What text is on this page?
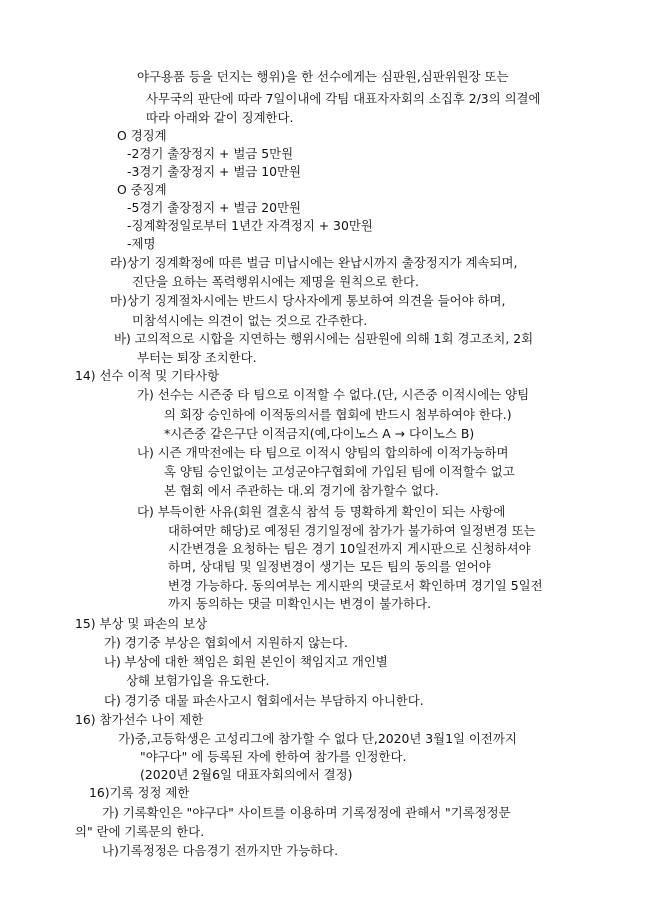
야구용품 등을 던지는 행위)을 한 선수에게는 심판원,심판위원장 또는
사무국의 판단에 따라 7일이내에 각팀 대표자자회의 소집후 2/3의 의결에
따라 아래와 같이 징계한다.
O 경징계
-2경기 출장정지 + 벌금 5만원
-3경기 출장정지 + 벌금 10만원
O 중징계
-5경기 출장정지 + 벌금 20만원
-징계확정일로부터 1년간 자격정지 + 30만원
-제명
라)상기 징계확정에 따른 벌금 미납시에는 완납시까지 출장정지가 계속되며,
진단을 요하는 폭력행위시에는 제명을 원칙으로 한다.
마)상기 징계절차시에는 반드시 당사자에게 통보하여 의견을 들어야 하며,
미참석시에는 의견이 없는 것으로 간주한다.
바) 고의적으로 시합을 지연하는 행위시에는 심판원에 의해 1회 경고조치, 2회
부터는 퇴장 조치한다.
14) 선수 이적 및 기타사항
가) 선수는 시즌중 타 팀으로 이적할 수 없다.(단, 시즌중 이적시에는 양팀
의 회장 승인하에 이적동의서를 협회에 반드시 첨부하여야 한다.)
*시즌중 같은구단 이적금지(예,다이노스 A → 다이노스 B)
나) 시즌 개막전에는 타 팀으로 이적시 양팀의 합의하에 이적가능하며
혹 양팀 승인없이는 고성군야구협회에 가입된 팀에 이적할수 없고
본 협회 에서 주관하는 대.외 경기에 참가할수 없다.
다) 부득이한 사유(회원 결혼식 참석 등 명확하게 확인이 되는 사항에
대하여만 해당)로 예정된 경기일정에 참가가 불가하여 일정변경 또는
시간변경을 요청하는 팀은 경기 10일전까지 게시판으로 신청하셔야
하며, 상대팀 및 일정변경이 생기는 모든 팀의 동의를 얻어야
변경 가능하다. 동의여부는 게시판의 댓글로서 확인하며 경기일 5일전
까지 동의하는 댓글 미확인시는 변경이 불가하다.
15) 부상 및 파손의 보상
가) 경기중 부상은 협회에서 지원하지 않는다.
나) 부상에 대한 책임은 회원 본인이 책임지고 개인별
상해 보험가입을 유도한다.
다) 경기중 대물 파손사고시 협회에서는 부담하지 아니한다.
16) 참가선수 나이 제한
가)중,고등학생은 고성리그에 참가할 수 없다 단,2020년 3월1일 이전까지
"야구다" 에 등록된 자에 한하여 참가를 인정한다.
(2020년 2월6일 대표자회의에서 결정)
16)기록 정정 제한
가) 기록확인은 "야구다" 사이트를 이용하며 기록정정에 관해서 "기록정정문
의" 란에 기록문의 한다.
나)기록정정은 다음경기 전까지만 가능하다.
